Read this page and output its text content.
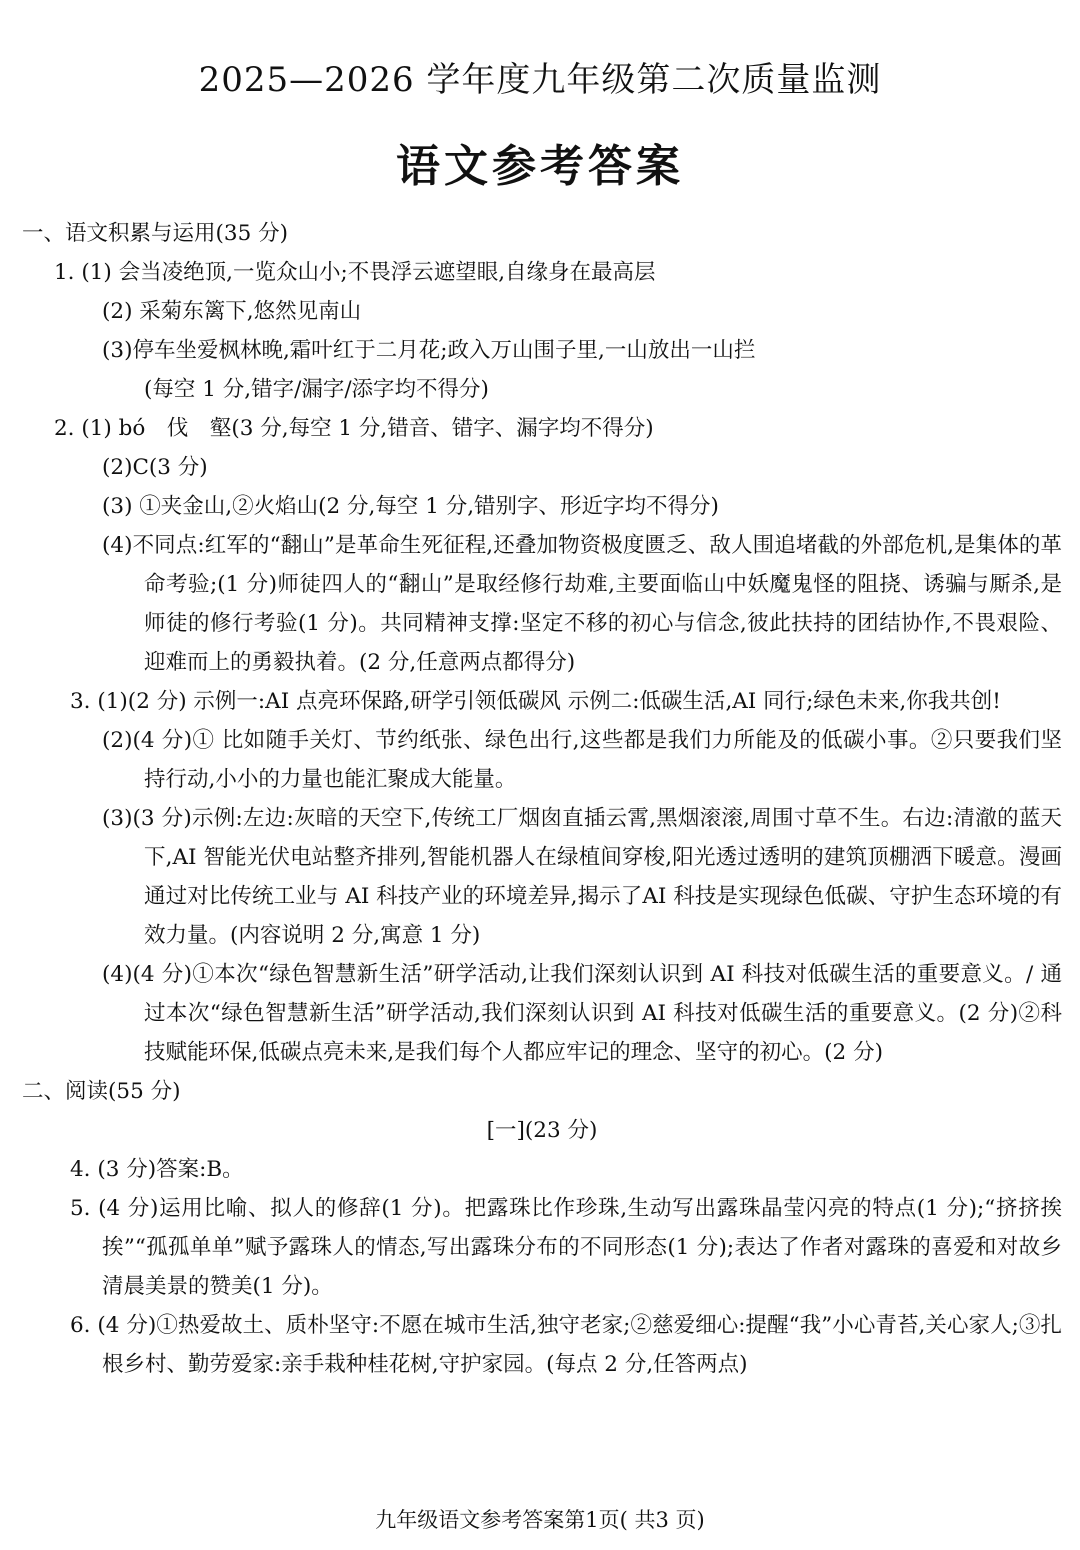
2025—2026 学年度九年级第二次质量监测
语文参考答案

一、语文积累与运用(35 分)

1. (1) 会当凌绝顶,一览众山小;不畏浮云遮望眼,自缘身在最高层

(2) 采菊东篱下,悠然见南山

(3)停车坐爱枫林晚,霜叶红于二月花;政入万山围子里,一山放出一山拦

(每空 1 分,错字/漏字/添字均不得分)

2. (1) bó　伐　壑(3 分,每空 1 分,错音、错字、漏字均不得分)

(2)C(3 分)

(3) ①夹金山,②火焰山(2 分,每空 1 分,错别字、形近字均不得分)

(4)不同点:红军的“翻山”是革命生死征程,还叠加物资极度匮乏、敌人围追堵截的外部危机,是集体的革命考验;(1 分)师徒四人的“翻山”是取经修行劫难,主要面临山中妖魔鬼怪的阻挠、诱骗与厮杀,是师徒的修行考验(1 分)。共同精神支撑:坚定不移的初心与信念,彼此扶持的团结协作,不畏艰险、迎难而上的勇毅执着。(2 分,任意两点都得分)

3. (1)(2 分) 示例一:AI 点亮环保路,研学引领低碳风 示例二:低碳生活,AI 同行;绿色未来,你我共创!

(2)(4 分)① 比如随手关灯、节约纸张、绿色出行,这些都是我们力所能及的低碳小事。②只要我们坚持行动,小小的力量也能汇聚成大能量。

(3)(3 分)示例:左边:灰暗的天空下,传统工厂烟囱直插云霄,黑烟滚滚,周围寸草不生。右边:清澈的蓝天下,AI 智能光伏电站整齐排列,智能机器人在绿植间穿梭,阳光透过透明的建筑顶棚洒下暖意。漫画通过对比传统工业与 AI 科技产业的环境差异,揭示了AI 科技是实现绿色低碳、守护生态环境的有效力量。(内容说明 2 分,寓意 1 分)

(4)(4 分)①本次“绿色智慧新生活”研学活动,让我们深刻认识到 AI 科技对低碳生活的重要意义。/ 通过本次“绿色智慧新生活”研学活动,我们深刻认识到 AI 科技对低碳生活的重要意义。(2 分)②科技赋能环保,低碳点亮未来,是我们每个人都应牢记的理念、坚守的初心。(2 分)

二、阅读(55 分)

[一](23 分)

4. (3 分)答案:B。

5. (4 分)运用比喻、拟人的修辞(1 分)。把露珠比作珍珠,生动写出露珠晶莹闪亮的特点(1 分);“挤挤挨挨”“孤孤单单”赋予露珠人的情态,写出露珠分布的不同形态(1 分);表达了作者对露珠的喜爱和对故乡清晨美景的赞美(1 分)。

6. (4 分)①热爱故土、质朴坚守:不愿在城市生活,独守老家;②慈爱细心:提醒“我”小心青苔,关心家人;③扎根乡村、勤劳爱家:亲手栽种桂花树,守护家园。(每点 2 分,任答两点)

九年级语文参考答案第1页( 共3 页)
